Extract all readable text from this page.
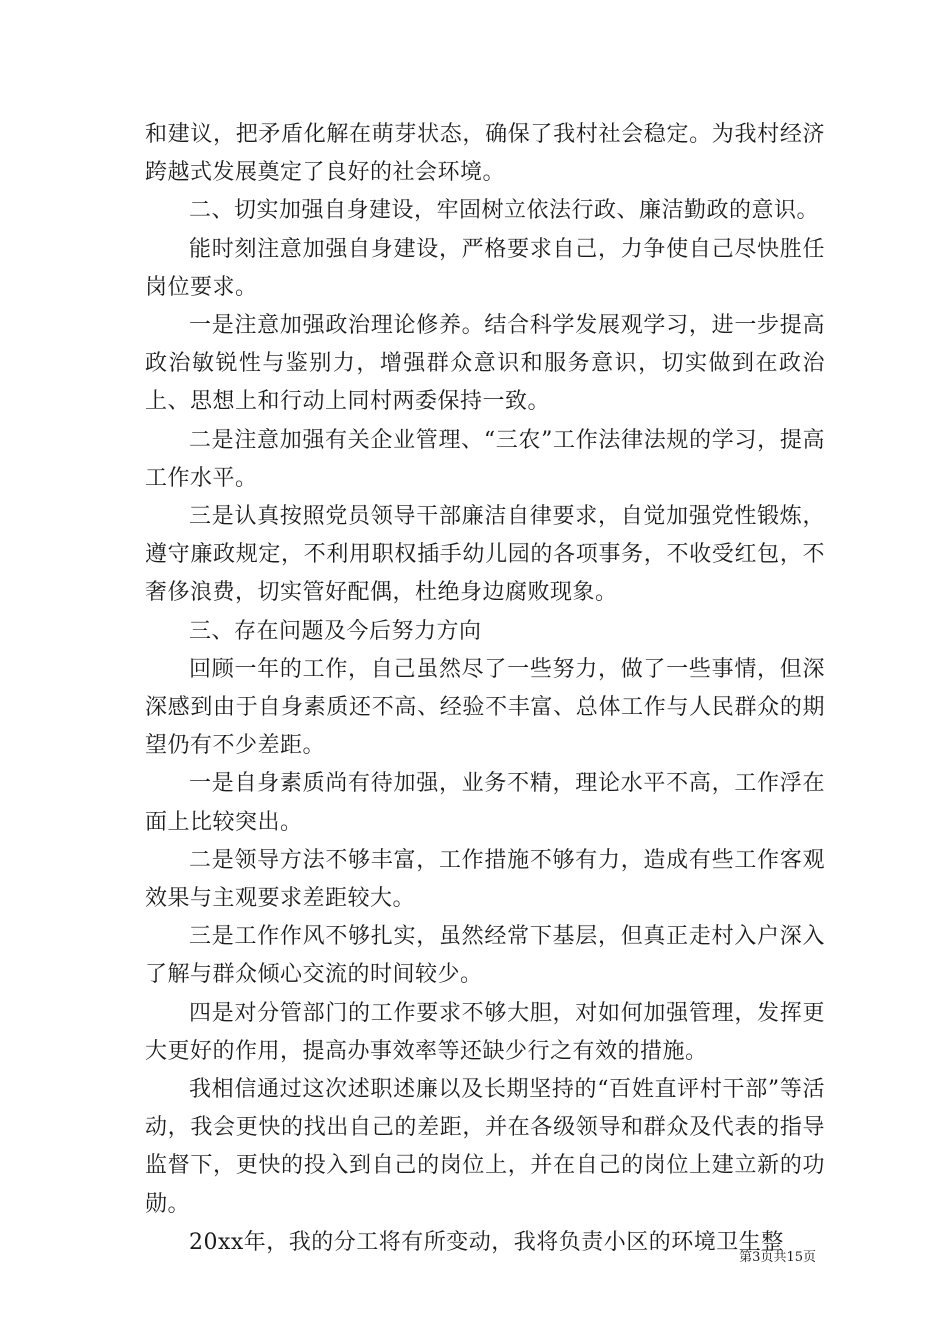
和建议，把矛盾化解在萌芽状态，确保了我村社会稳定。为我村经济跨越式发展奠定了良好的社会环境。

二、切实加强自身建设，牢固树立依法行政、廉洁勤政的意识。

能时刻注意加强自身建设，严格要求自己，力争使自己尽快胜任岗位要求。

一是注意加强政治理论修养。结合科学发展观学习，进一步提高政治敏锐性与鉴别力，增强群众意识和服务意识，切实做到在政治上、思想上和行动上同村两委保持一致。

二是注意加强有关企业管理、“三农”工作法律法规的学习，提高工作水平。

三是认真按照党员领导干部廉洁自律要求，自觉加强党性锻炼，遵守廉政规定，不利用职权插手幼儿园的各项事务，不收受红包，不奢侈浪费，切实管好配偶，杜绝身边腐败现象。

三、存在问题及今后努力方向

回顾一年的工作，自己虽然尽了一些努力，做了一些事情，但深深感到由于自身素质还不高、经验不丰富、总体工作与人民群众的期望仍有不少差距。

一是自身素质尚有待加强，业务不精，理论水平不高，工作浮在面上比较突出。

二是领导方法不够丰富，工作措施不够有力，造成有些工作客观效果与主观要求差距较大。

三是工作作风不够扎实，虽然经常下基层，但真正走村入户深入了解与群众倾心交流的时间较少。

四是对分管部门的工作要求不够大胆，对如何加强管理，发挥更大更好的作用，提高办事效率等还缺少行之有效的措施。

我相信通过这次述职述廉以及长期坚持的“百姓直评村干部”等活动，我会更快的找出自己的差距，并在各级领导和群众及代表的指导监督下，更快的投入到自己的岗位上，并在自己的岗位上建立新的功勋。

20xx年，我的分工将有所变动，我将负责小区的环境卫生整

第3页共15页
